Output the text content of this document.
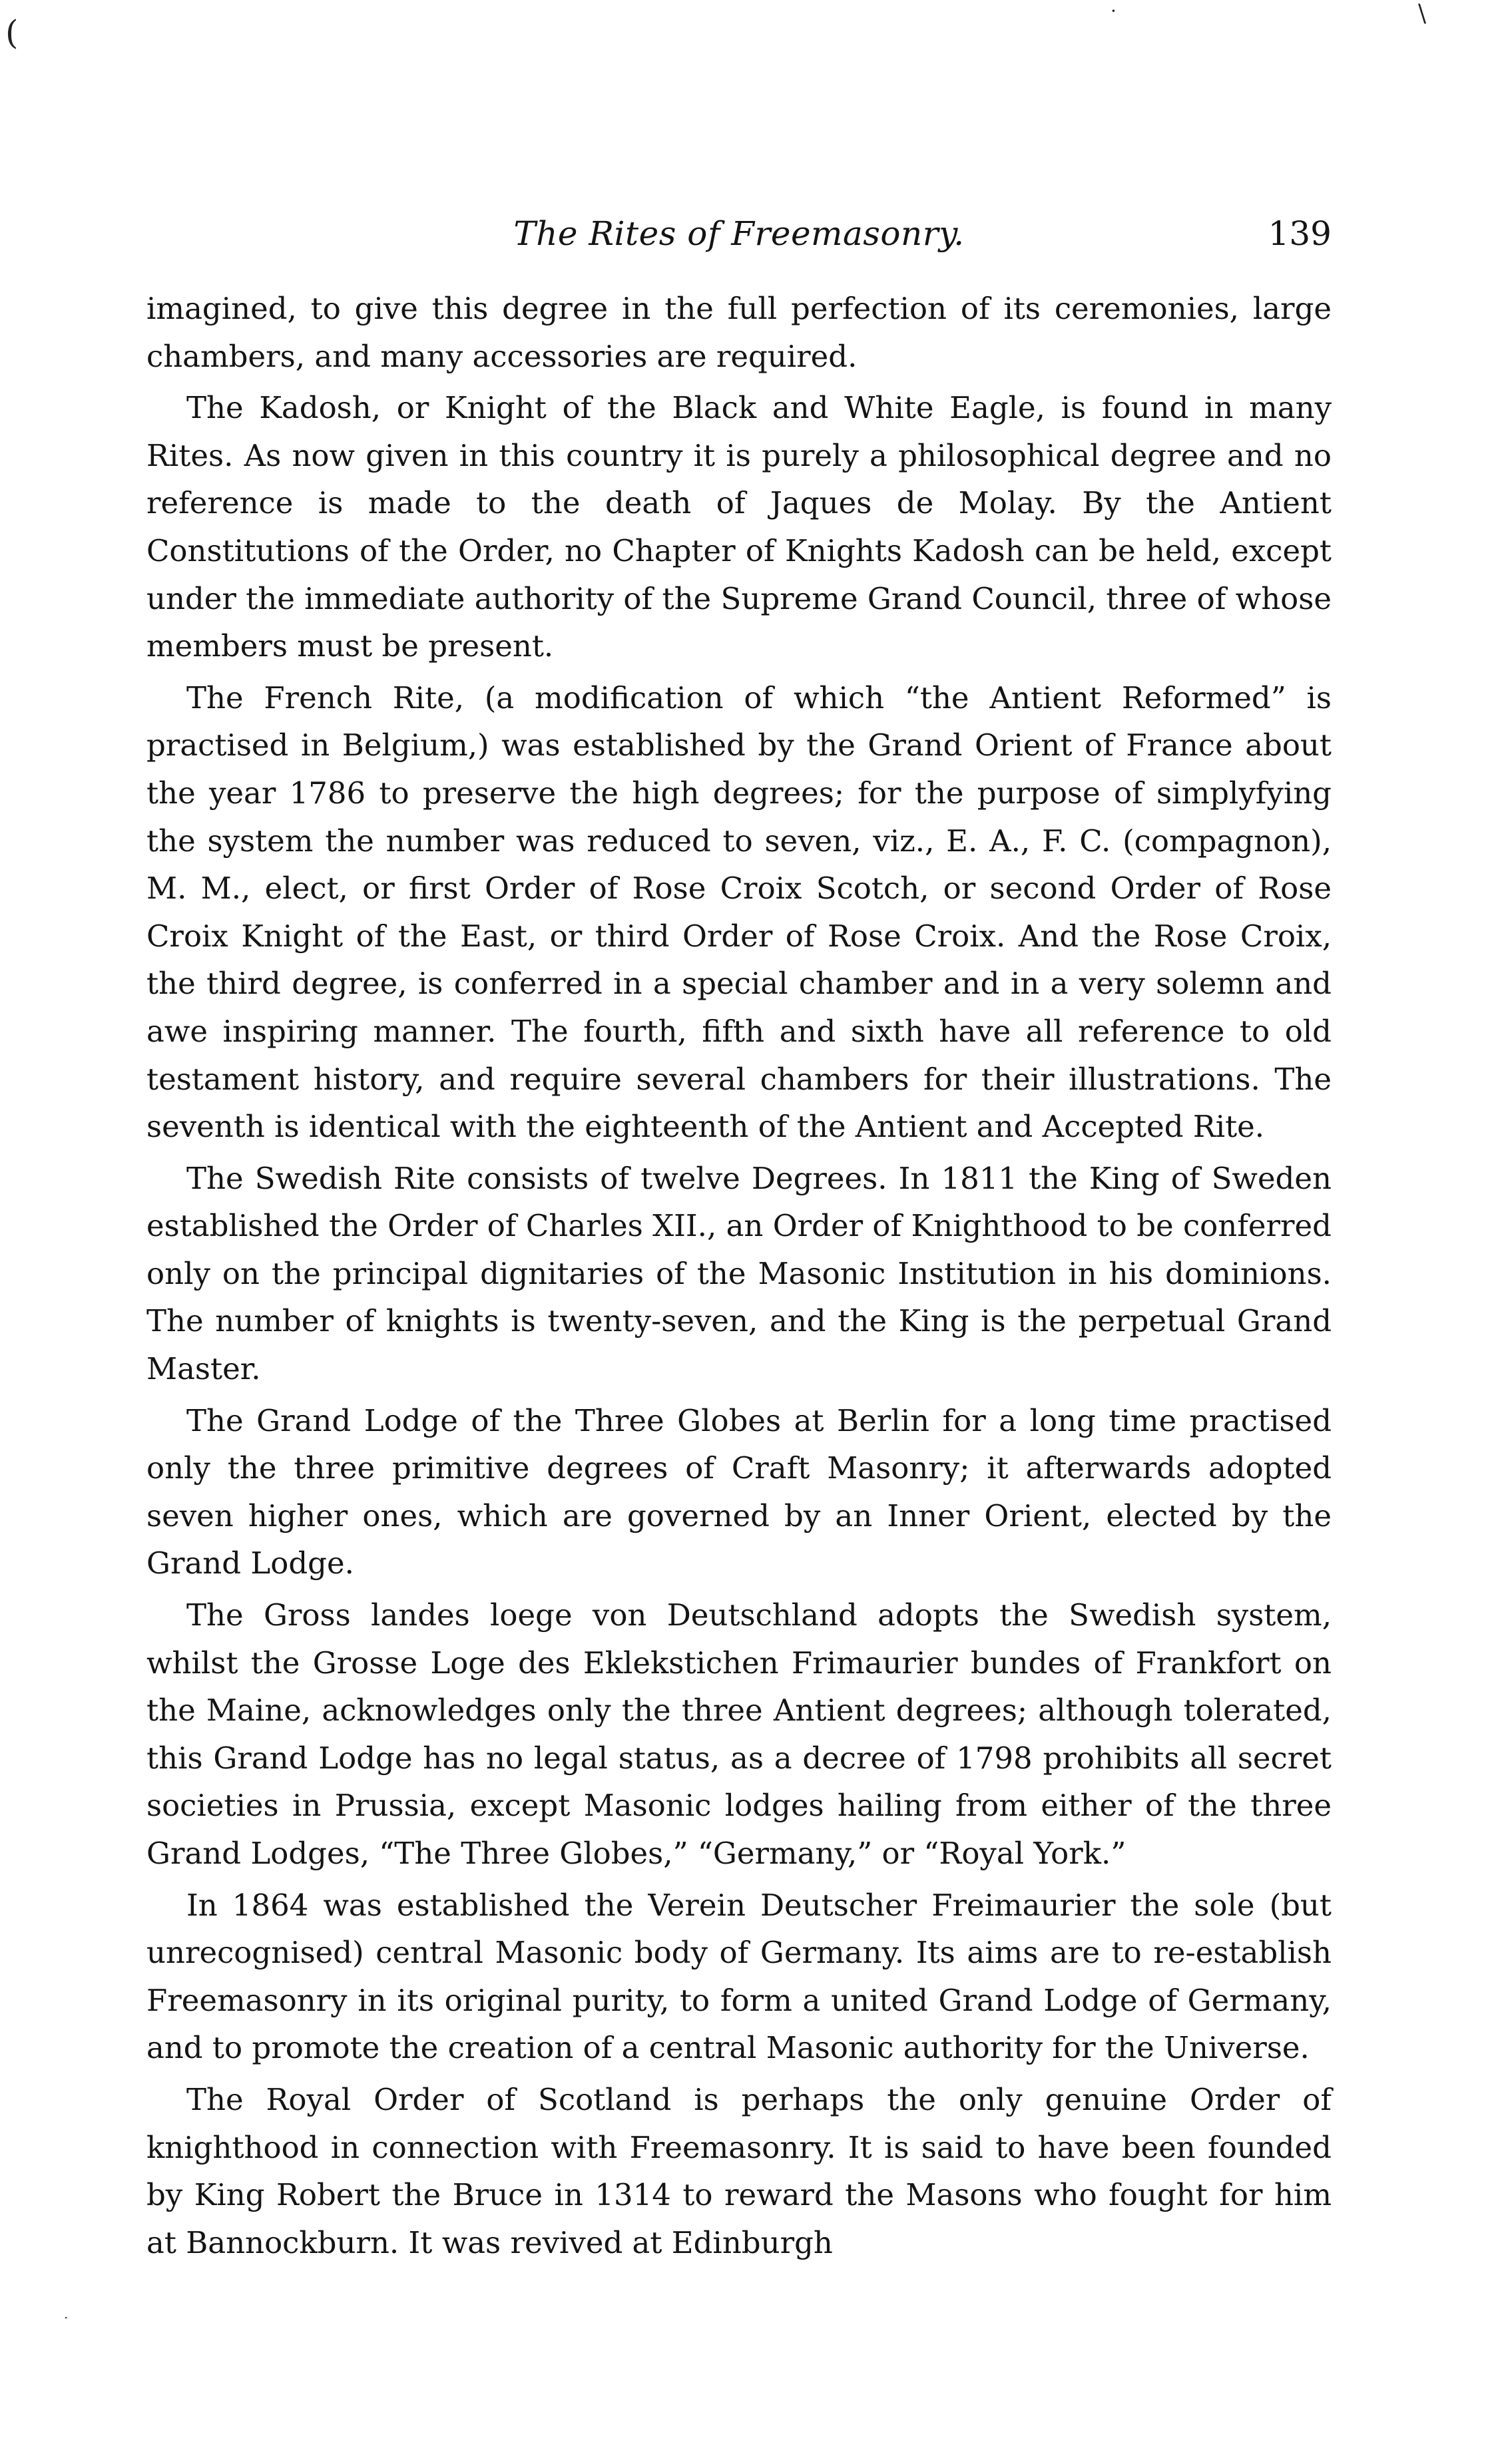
(
·	\
The Rites of Freemasonry.	139

imagined, to give this degree in the full perfection of its ceremonies, large chambers, and many accessories are required.

The Kadosh, or Knight of the Black and White Eagle, is found in many Rites. As now given in this country it is purely a philosophical degree and no reference is made to the death of Jaques de Molay. By the Antient Constitutions of the Order, no Chapter of Knights Kadosh can be held, except under the immediate authority of the Supreme Grand Council, three of whose members must be present.

The French Rite, (a modification of which “the Antient Reformed” is practised in Belgium,) was established by the Grand Orient of France about the year 1786 to preserve the high degrees; for the purpose of simplyfying the system the number was reduced to seven, viz., E. A., F. C. (compagnon), M. M., elect, or first Order of Rose Croix Scotch, or second Order of Rose Croix Knight of the East, or third Order of Rose Croix. And the Rose Croix, the third degree, is conferred in a special chamber and in a very solemn and awe inspiring manner. The fourth, fifth and sixth have all reference to old testament history, and require several chambers for their illustrations. The seventh is identical with the eighteenth of the Antient and Accepted Rite.

The Swedish Rite consists of twelve Degrees. In 1811 the King of Sweden established the Order of Charles XII., an Order of Knighthood to be conferred only on the principal dignitaries of the Masonic Institution in his dominions. The number of knights is twenty-seven, and the King is the perpetual Grand Master.

The Grand Lodge of the Three Globes at Berlin for a long time practised only the three primitive degrees of Craft Masonry; it afterwards adopted seven higher ones, which are governed by an Inner Orient, elected by the Grand Lodge.

The Gross landes loege von Deutschland adopts the Swedish system, whilst the Grosse Loge des Eklekstichen Frimaurier bundes of Frankfort on the Maine, acknowledges only the three Antient degrees; although tolerated, this Grand Lodge has no legal status, as a decree of 1798 prohibits all secret societies in Prussia, except Masonic lodges hailing from either of the three Grand Lodges, “The Three Globes,” “Germany,” or “Royal York.”

In 1864 was established the Verein Deutscher Freimaurier the sole (but unrecognised) central Masonic body of Germany. Its aims are to re-establish Freemasonry in its original purity, to form a united Grand Lodge of Germany, and to promote the creation of a central Masonic authority for the Universe.

The Royal Order of Scotland is perhaps the only genuine Order of knighthood in connection with Freemasonry. It is said to have been founded by King Robert the Bruce in 1314 to reward the Masons who fought for him at Bannockburn. It was revived at Edinburgh

·
